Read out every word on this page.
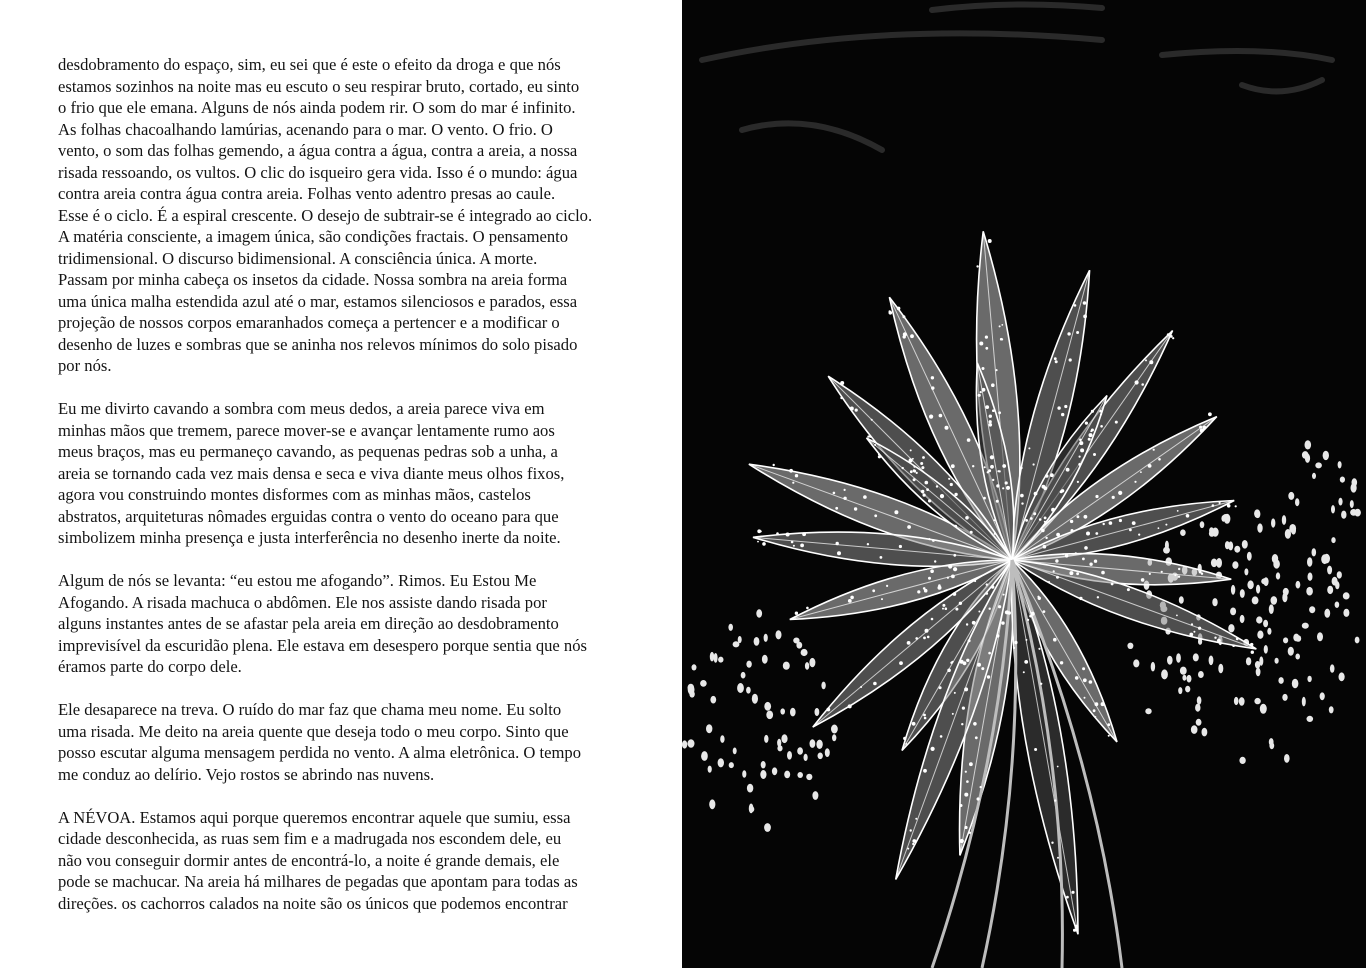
desdobramento do espaço, sim, eu sei que é este o efeito da droga e que nós
estamos sozinhos na noite mas eu escuto o seu respirar bruto, cortado, eu sinto
o frio que ele emana. Alguns de nós ainda podem rir. O som do mar é infinito.
As folhas chacoalhando lamúrias, acenando para o mar. O vento. O frio. O
vento, o som das folhas gemendo, a água contra a água, contra a areia, a nossa
risada ressoando, os vultos. O clic do isqueiro gera vida. Isso é o mundo: água
contra areia contra água contra areia. Folhas vento adentro presas ao caule.
Esse é o ciclo. É a espiral crescente. O desejo de subtrair-se é integrado ao ciclo.
A matéria consciente, a imagem única, são condições fractais. O pensamento
tridimensional. O discurso bidimensional. A consciência única. A morte.
Passam por minha cabeça os insetos da cidade. Nossa sombra na areia forma
uma única malha estendida azul até o mar, estamos silenciosos e parados, essa
projeção de nossos corpos emaranhados começa a pertencer e a modificar o
desenho de luzes e sombras que se aninha nos relevos mínimos do solo pisado
por nós.

Eu me divirto cavando a sombra com meus dedos, a areia parece viva em
minhas mãos que tremem, parece mover-se e avançar lentamente rumo aos
meus braços, mas eu permaneço cavando, as pequenas pedras sob a unha, a
areia se tornando cada vez mais densa e seca e viva diante meus olhos fixos,
agora vou construindo montes disformes com as minhas mãos, castelos
abstratos, arquiteturas nômades erguidas contra o vento do oceano para que
simbolizem minha presença e justa interferência no desenho inerte da noite.

Algum de nós se levanta: “eu estou me afogando”. Rimos. Eu Estou Me
Afogando. A risada machuca o abdômen. Ele nos assiste dando risada por
alguns instantes antes de se afastar pela areia em direção ao desdobramento
imprevisível da escuridão plena. Ele estava em desespero porque sentia que nós
éramos parte do corpo dele.

Ele desaparece na treva. O ruído do mar faz que chama meu nome. Eu solto
uma risada. Me deito na areia quente que deseja todo o meu corpo. Sinto que
posso escutar alguma mensagem perdida no vento. A alma eletrônica. O tempo
me conduz ao delírio. Vejo rostos se abrindo nas nuvens.

A NÉVOA. Estamos aqui porque queremos encontrar aquele que sumiu, essa
cidade desconhecida, as ruas sem fim e a madrugada nos escondem dele, eu
não vou conseguir dormir antes de encontrá-lo, a noite é grande demais, ele
pode se machucar. Na areia há milhares de pegadas que apontam para todas as
direções. os cachorros calados na noite são os únicos que podemos encontrar
